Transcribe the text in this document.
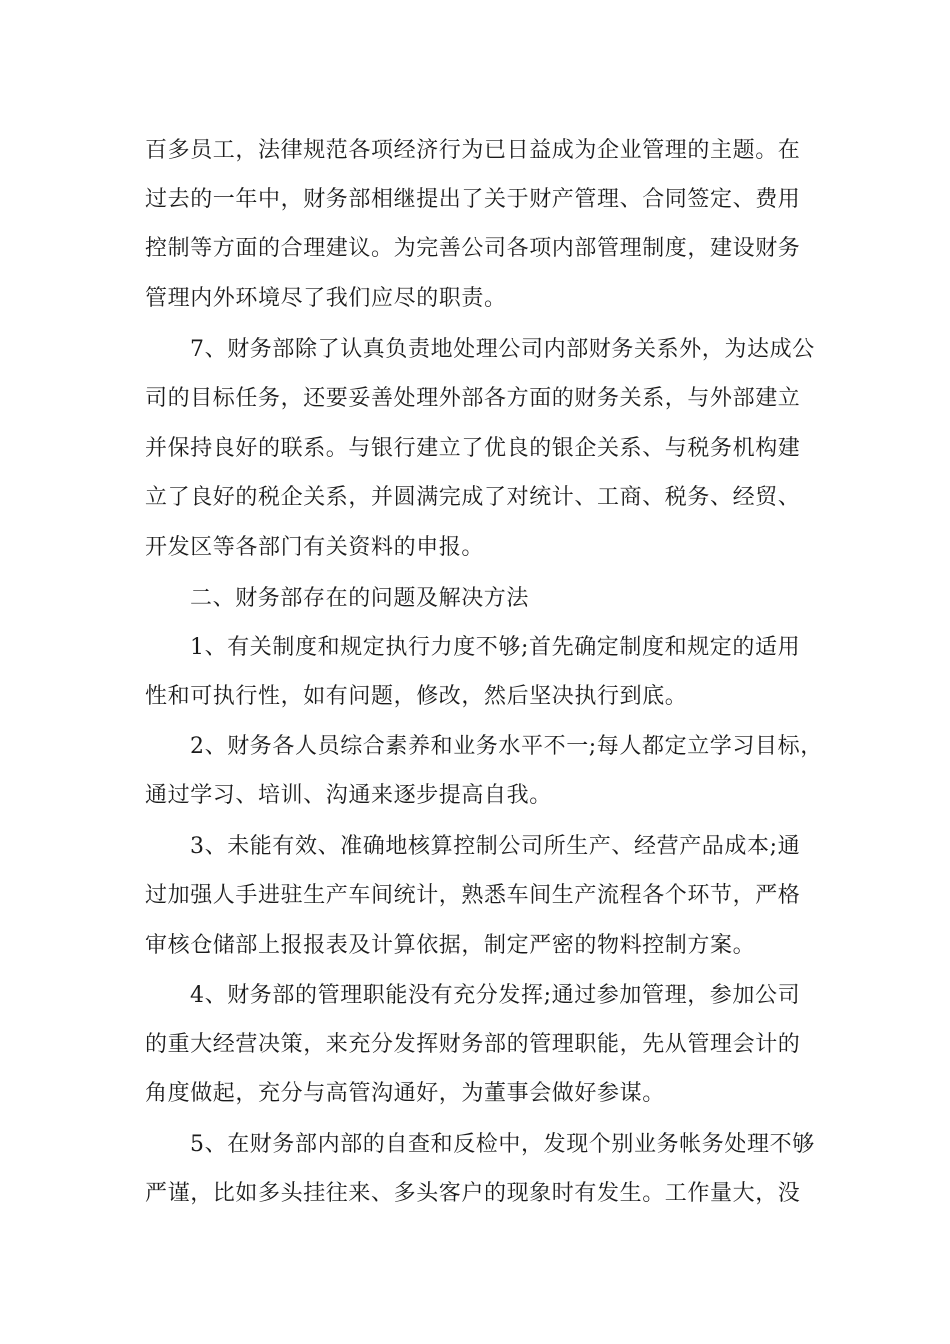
百多员工，法律规范各项经济行为已日益成为企业管理的主题。在
过去的一年中，财务部相继提出了关于财产管理、合同签定、费用
控制等方面的合理建议。为完善公司各项内部管理制度，建设财务
管理内外环境尽了我们应尽的职责。
7、财务部除了认真负责地处理公司内部财务关系外，为达成公
司的目标任务，还要妥善处理外部各方面的财务关系，与外部建立
并保持良好的联系。与银行建立了优良的银企关系、与税务机构建
立了良好的税企关系，并圆满完成了对统计、工商、税务、经贸、
开发区等各部门有关资料的申报。
二、财务部存在的问题及解决方法
1、有关制度和规定执行力度不够;首先确定制度和规定的适用
性和可执行性，如有问题，修改，然后坚决执行到底。
2、财务各人员综合素养和业务水平不一;每人都定立学习目标，
通过学习、培训、沟通来逐步提高自我。
3、未能有效、准确地核算控制公司所生产、经营产品成本;通
过加强人手进驻生产车间统计，熟悉车间生产流程各个环节，严格
审核仓储部上报报表及计算依据，制定严密的物料控制方案。
4、财务部的管理职能没有充分发挥;通过参加管理，参加公司
的重大经营决策，来充分发挥财务部的管理职能，先从管理会计的
角度做起，充分与高管沟通好，为董事会做好参谋。
5、在财务部内部的自查和反检中，发现个别业务帐务处理不够
严谨，比如多头挂往来、多头客户的现象时有发生。工作量大，没
